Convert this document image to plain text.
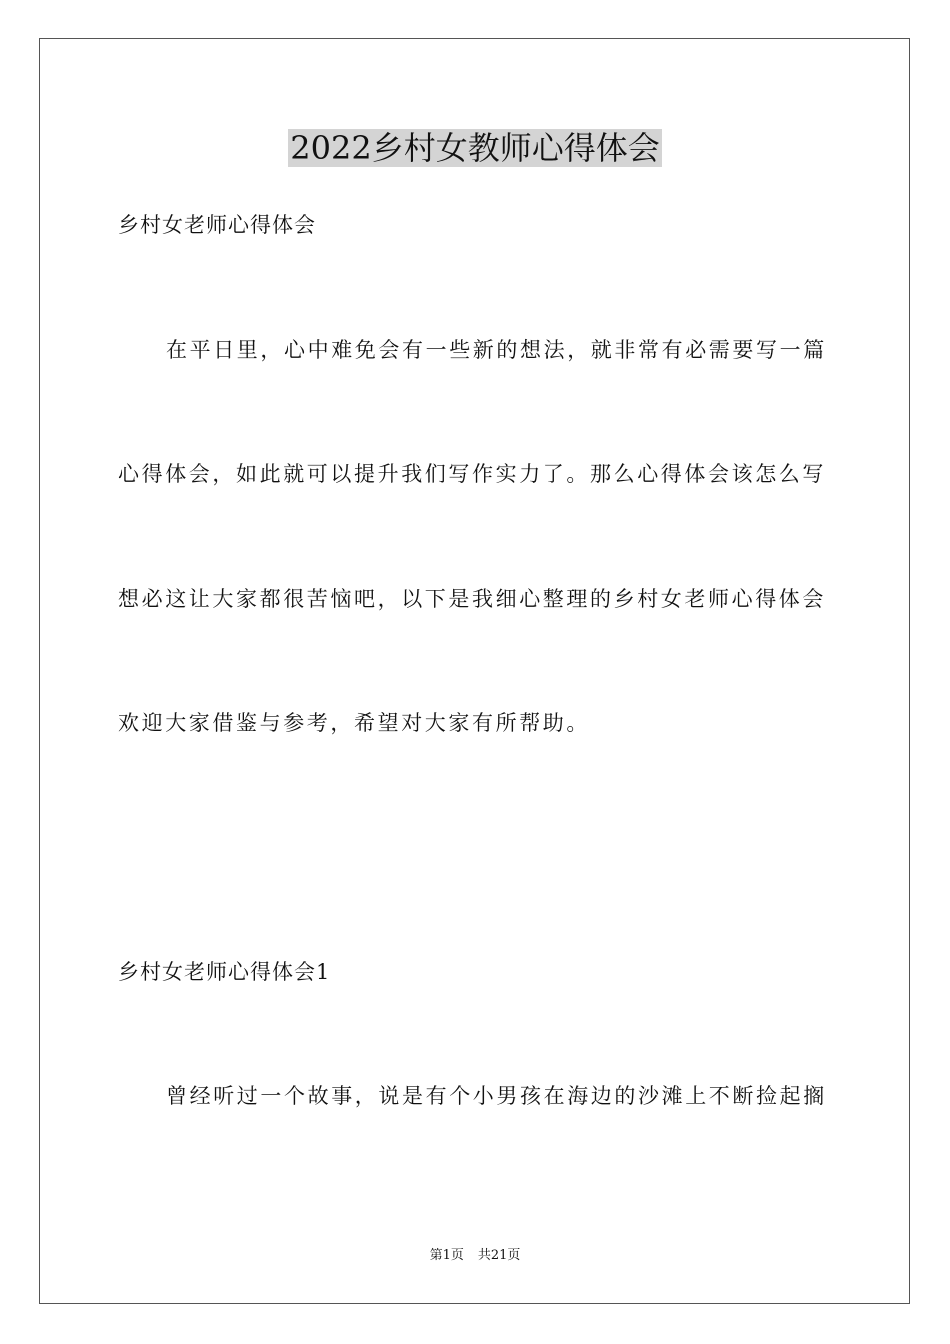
2022乡村女教师心得体会
乡村女老师心得体会
在平日里，心中难免会有一些新的想法，就非常有必需要写一篇
心得体会，如此就可以提升我们写作实力了。那么心得体会该怎么写
想必这让大家都很苦恼吧，以下是我细心整理的乡村女老师心得体会
欢迎大家借鉴与参考，希望对大家有所帮助。
乡村女老师心得体会1
曾经听过一个故事，说是有个小男孩在海边的沙滩上不断捡起搁
第1页 共21页
